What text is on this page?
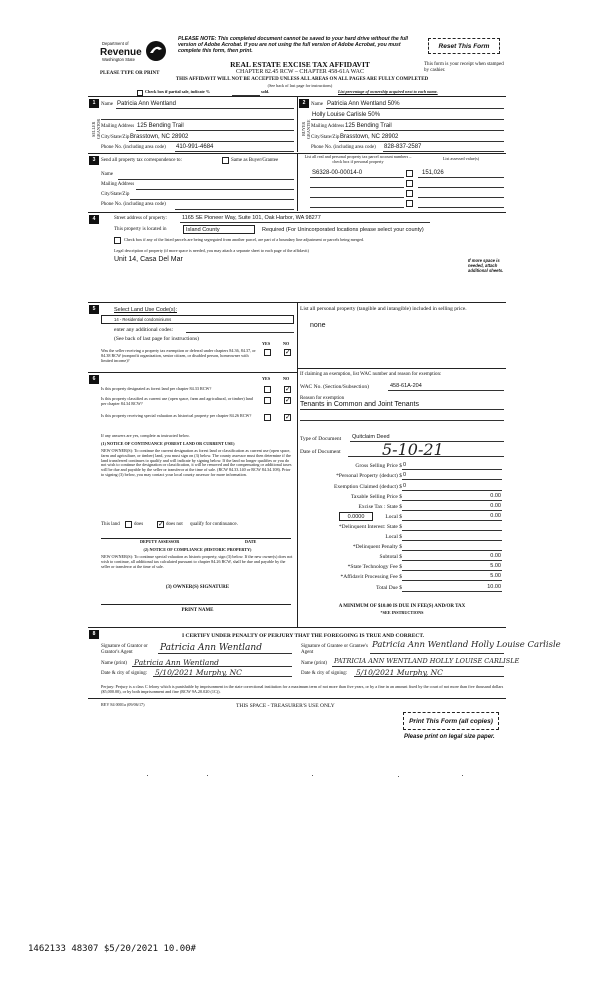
Department of
Revenue
Washington State
PLEASE NOTE: This completed document cannot be saved to your hard drive without the full version of Adobe Acrobat. If you are not using the full version of Adobe Acrobat, you must complete this form, then print.
Reset This Form
REAL ESTATE EXCISE TAX AFFIDAVIT
CHAPTER 82.45 RCW – CHAPTER 458-61A WAC
PLEASE TYPE OR PRINT
This form is your receipt when stamped by cashier.
THIS AFFIDAVIT WILL NOT BE ACCEPTED UNLESS ALL AREAS ON ALL PAGES ARE FULLY COMPLETED
(See back of last page for instructions)
Check box if partial sale, indicate %	sold.	List percentage of ownership acquired next to each name.
1
SELLER GRANTOR
Name Patricia Ann Wentland
Mailing Address 125 Bending Trail
City/State/Zip Brasstown, NC 28902
Phone No. (including area code) 410-991-4684
2
BUYER GRANTEE
Name Patricia Ann Wentland 50%
Holly Louise Carlisle 50%
Mailing Address 125 Bending Trail
City/State/Zip Brasstown, NC 28902
Phone No. (including area code) 828-837-2587
3	Send all property tax correspondence to:	Same as Buyer/Grantee
Name
Mailing Address
City/State/Zip
Phone No. (including area code)
List all real and personal property tax parcel account numbers – check box if personal property
List assessed value(s)
S6328-00-00014-0	151,026
4	Street address of property:	1165 SE Pioneer Way, Suite 101, Oak Harbor, WA 98277
This property is located in	Island County	Required (For Unincorporated locations please select your county)
Check box if any of the listed parcels are being segregated from another parcel, are part of a boundary line adjustment or parcels being merged.
Legal description of property (if more space is needed, you may attach a separate sheet to each page of the affidavit)
Unit 14, Casa Del Mar	If more space is needed, attach additional sheets.
5	Select Land Use Code(s):
14 - Residential condominiums
enter any additional codes:
(See back of last page for instructions)
YES	NO
Was the seller receiving a property tax exemption or deferral under chapters 84.36, 84.37, or 84.38 RCW (nonprofit organization, senior citizen, or disabled person, homeowner with limited income)?
✓
6	YES	NO
Is this property designated as forest land per chapter 84.33 RCW?
✓
Is this property classified as current use (open space, farm and agricultural, or timber) land per chapter 84.34 RCW?
✓
Is this property receiving special valuation as historical property per chapter 84.26 RCW?
✓
If any answers are yes, complete as instructed below.
(1) NOTICE OF CONTINUANCE (FOREST LAND OR CURRENT USE)
NEW OWNER(S): To continue the current designation as forest land or classification as current use (open space, farm and agriculture, or timber) land, you must sign on (3) below. The county assessor must then determine if the land transferred continues to qualify and will indicate by signing below. If the land no longer qualifies or you do not wish to continue the designation or classification, it will be removed and the compensating or additional taxes will be due and payable by the seller or transferor at the time of sale. (RCW 84.33.140 or RCW 84.34.108). Prior to signing (3) below, you may contact your local county assessor for more information.
This land	does
✓	does not qualify for continuance.
DEPUTY ASSESSOR	DATE
(2) NOTICE OF COMPLIANCE (HISTORIC PROPERTY)
NEW OWNER(S): To continue special valuation as historic property, sign (3) below. If the new owner(s) does not wish to continue, all additional tax calculated pursuant to chapter 84.26 RCW, shall be due and payable by the seller or transferor at the time of sale.
(3) OWNER(S) SIGNATURE
PRINT NAME
List all personal property (tangible and intangible) included in selling price.
none
If claiming an exemption, list WAC number and reason for exemption:
WAC No. (Section/Subsection)	458-61A-204
Reason for exemption
Tenants in Common and Joint Tenants
Type of Document Quitclaim Deed
Date of Document	5-10-21
Gross Selling Price $ 0
*Personal Property (deduct) $ 0
Exemption Claimed (deduct) $ 0
Taxable Selling Price $	0.00
Excise Tax : State $	0.00
0.0000	Local $	0.00
*Delinquent Interest: State $
Local $
*Delinquent Penalty $
Subtotal $	0.00
*State Technology Fee $	5.00
*Affidavit Processing Fee $	5.00
Total Due $	10.00
A MINIMUM OF $10.00 IS DUE IN FEE(S) AND/OR TAX
*SEE INSTRUCTIONS
8	I CERTIFY UNDER PENALTY OF PERJURY THAT THE FOREGOING IS TRUE AND CORRECT.
Signature of Grantor or Grantor's Agent	Patricia Ann Wentland
Name (print) Patricia Ann Wentland
Date & city of signing: 5/10/2021 Murphy, NC
Signature of Grantee or Grantee's Agent
Patricia Ann Wentland Holly Louise Carlisle
Name (print) PATRICIA ANN WENTLAND HOLLY LOUISE CARLISLE
Date & city of signing: 5/10/2021 Murphy, NC
Perjury: Perjury is a class C felony which is punishable by imprisonment in the state correctional institution for a maximum term of not more than five years, or by a fine in an amount fixed by the court of not more than five thousand dollars ($5,000.00), or by both imprisonment and fine (RCW 9A.20.020 (1C)).
REV 84 0001a (09/06/17)	THIS SPACE - TREASURER'S USE ONLY
Print This Form (all copies)
Please print on legal size paper.
1462133 48307 $5/20/2021 10.00#
